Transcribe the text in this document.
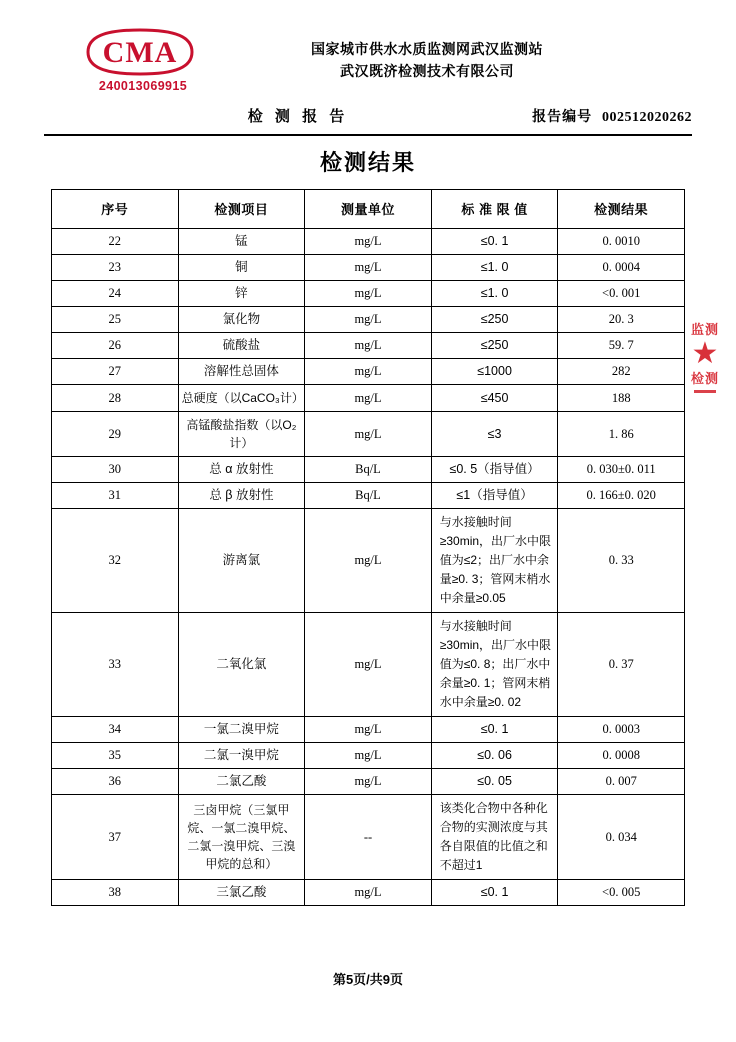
CMA
240013069915
国家城市供水水质监测网武汉监测站
武汉既济检测技术有限公司
检 测 报 告	报告编号 002512020262
检测结果
序号	检测项目	测量单位	标 准 限 值	检测结果
22	锰	mg/L	≤0. 1	0. 0010
23	铜	mg/L	≤1. 0	0. 0004
24	锌	mg/L	≤1. 0	<0. 001
25	氯化物	mg/L	≤250	20. 3
26	硫酸盐	mg/L	≤250	59. 7
27	溶解性总固体	mg/L	≤1000	282
28	总硬度（以CaCO₃计）	mg/L	≤450	188
29	高锰酸盐指数（以O₂计）	mg/L	≤3	1. 86
30	总 α 放射性	Bq/L	≤0. 5（指导值）	0. 030±0. 011
31	总 β 放射性	Bq/L	≤1（指导值）	0. 166±0. 020
32	游离氯	mg/L	与水接触时间≥30min，出厂水中限值为≤2；出厂水中余量≥0. 3；管网末梢水中余量≥0.05	0. 33
33	二氧化氯	mg/L	与水接触时间≥30min，出厂水中限值为≤0. 8；出厂水中余量≥0. 1；管网末梢水中余量≥0. 02	0. 37
34	一氯二溴甲烷	mg/L	≤0. 1	0. 0003
35	二氯一溴甲烷	mg/L	≤0. 06	0. 0008
36	二氯乙酸	mg/L	≤0. 05	0. 007
37	三卤甲烷（三氯甲烷、一氯二溴甲烷、二氯一溴甲烷、三溴甲烷的总和）	--	该类化合物中各种化合物的实测浓度与其各自限值的比值之和不超过1	0. 034
38	三氯乙酸	mg/L	≤0. 1	<0. 005
监测
★
检测
第5页/共9页
